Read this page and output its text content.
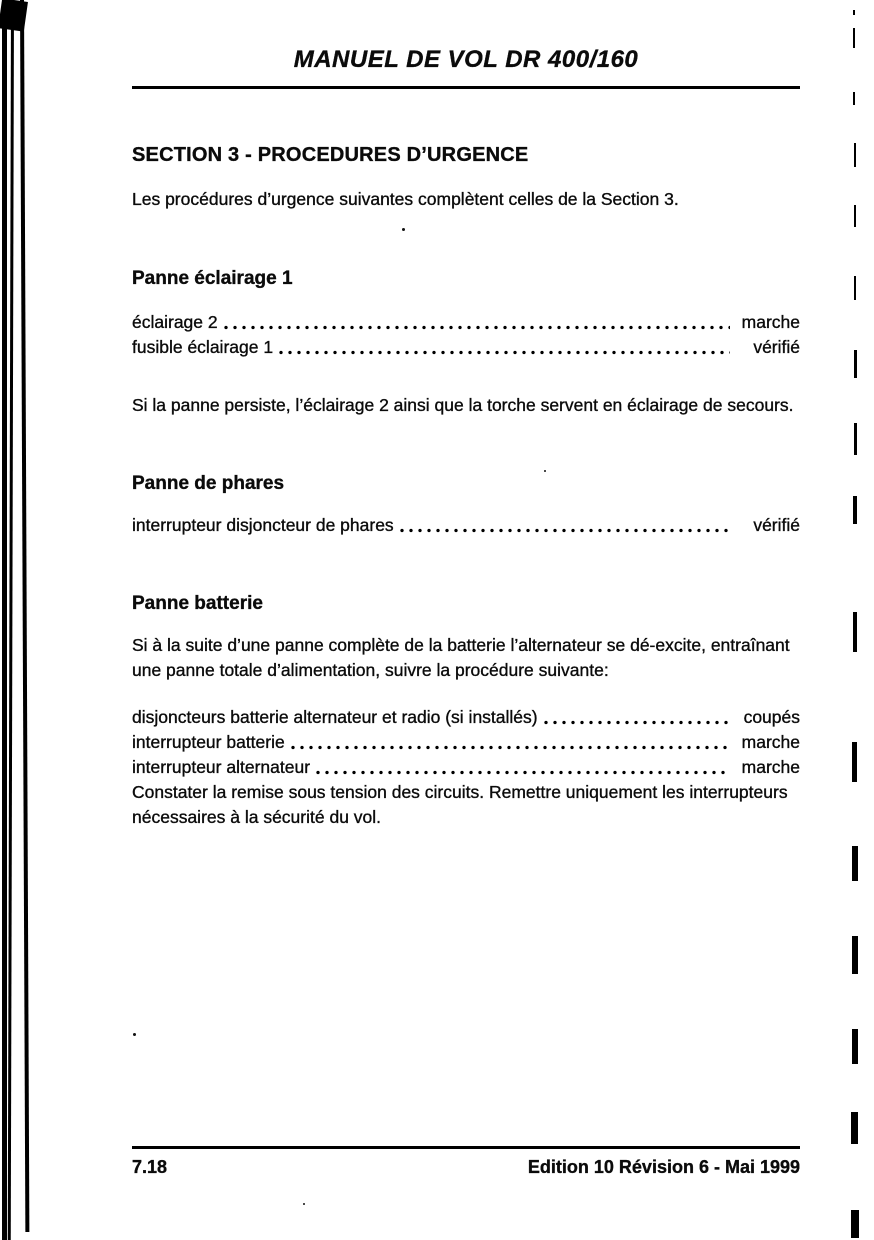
MANUEL DE VOL DR 400/160
SECTION 3 - PROCEDURES D’URGENCE

Les procédures d’urgence suivantes complètent celles de la Section 3.

Panne éclairage 1
éclairage 2	marche
fusible éclairage 1	vérifié

Si la panne persiste, l’éclairage 2 ainsi que la torche servent en éclairage de secours.

Panne de phares
interrupteur disjoncteur de phares	vérifié
Panne batterie

Si à la suite d’une panne complète de la batterie l’alternateur se dé-excite, entraînant une panne totale d’alimentation, suivre la procédure suivante:

disjoncteurs batterie alternateur et radio (si installés)	coupés
interrupteur batterie	marche
interrupteur alternateur	marche

Constater la remise sous tension des circuits. Remettre uniquement les interrupteurs nécessaires à la sécurité du vol.

7.18	Edition 10 Révision 6 - Mai 1999
